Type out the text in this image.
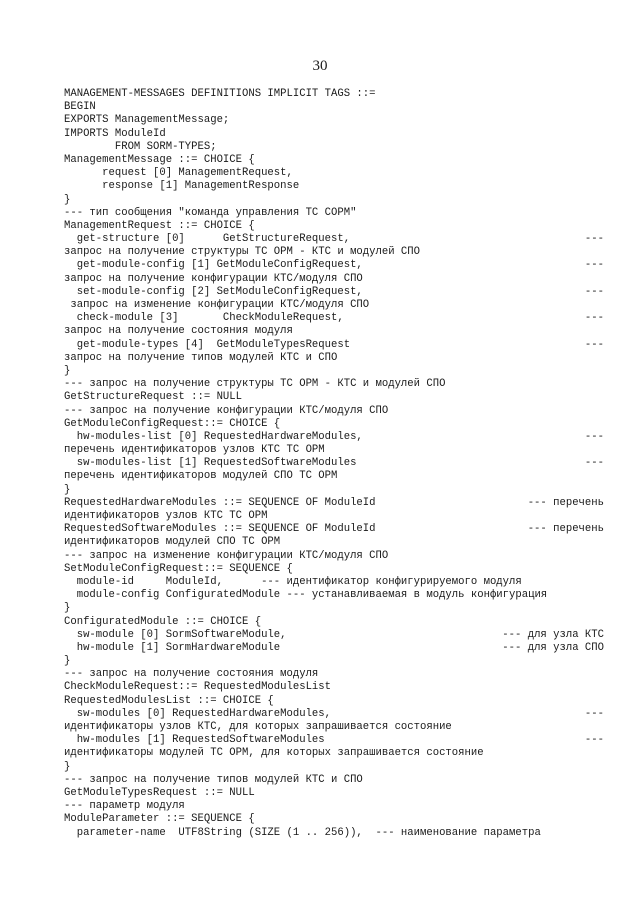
30
MANAGEMENT-MESSAGES DEFINITIONS IMPLICIT TAGS ::=
BEGIN
EXPORTS ManagementMessage;
IMPORTS ModuleId
FROM SORM-TYPES;
ManagementMessage ::= CHOICE {
request [0] ManagementRequest,
response [1] ManagementResponse
}
--- тип сообщения "команда управления ТС СОРМ"
ManagementRequest ::= CHOICE {
get-structure [0]      GetStructureRequest,	---
запрос на получение структуры ТС ОРМ - КТС и модулей СПО
get-module-config [1] GetModuleConfigRequest,	---
запрос на получение конфигурации КТС/модуля СПО
set-module-config [2] SetModuleConfigRequest,	---
запрос на изменение конфигурации КТС/модуля СПО
check-module [3]       CheckModuleRequest,	---
запрос на получение состояния модуля
get-module-types [4]  GetModuleTypesRequest	---
запрос на получение типов модулей КТС и СПО
}
--- запрос на получение структуры ТС ОРМ - КТС и модулей СПО
GetStructureRequest ::= NULL
--- запрос на получение конфигурации КТС/модуля СПО
GetModuleConfigRequest::= CHOICE {
hw-modules-list [0] RequestedHardwareModules,	---
перечень идентификаторов узлов КТС ТС ОРМ
sw-modules-list [1] RequestedSoftwareModules	---
перечень идентификаторов модулей СПО ТС ОРМ
}
RequestedHardwareModules ::= SEQUENCE OF ModuleId	--- перечень
идентификаторов узлов КТС ТС ОРМ
RequestedSoftwareModules ::= SEQUENCE OF ModuleId	--- перечень
идентификаторов модулей СПО ТС ОРМ
--- запрос на изменение конфигурации КТС/модуля СПО
SetModuleConfigRequest::= SEQUENCE {
module-id     ModuleId,      --- идентификатор конфигурируемого модуля
module-config ConfiguratedModule --- устанавливаемая в модуль конфигурация
}
ConfiguratedModule ::= CHOICE {
sw-module [0] SormSoftwareModule,	--- для узла КТС
hw-module [1] SormHardwareModule	--- для узла СПО
}
--- запрос на получение состояния модуля
CheckModuleRequest::= RequestedModulesList
RequestedModulesList ::= CHOICE {
sw-modules [0] RequestedHardwareModules,	---
идентификаторы узлов КТС, для которых запрашивается состояние
hw-modules [1] RequestedSoftwareModules	---
идентификаторы модулей ТС ОРМ, для которых запрашивается состояние
}
--- запрос на получение типов модулей КТС и СПО
GetModuleTypesRequest ::= NULL
--- параметр модуля
ModuleParameter ::= SEQUENCE {
parameter-name  UTF8String (SIZE (1 .. 256)),  --- наименование параметра
